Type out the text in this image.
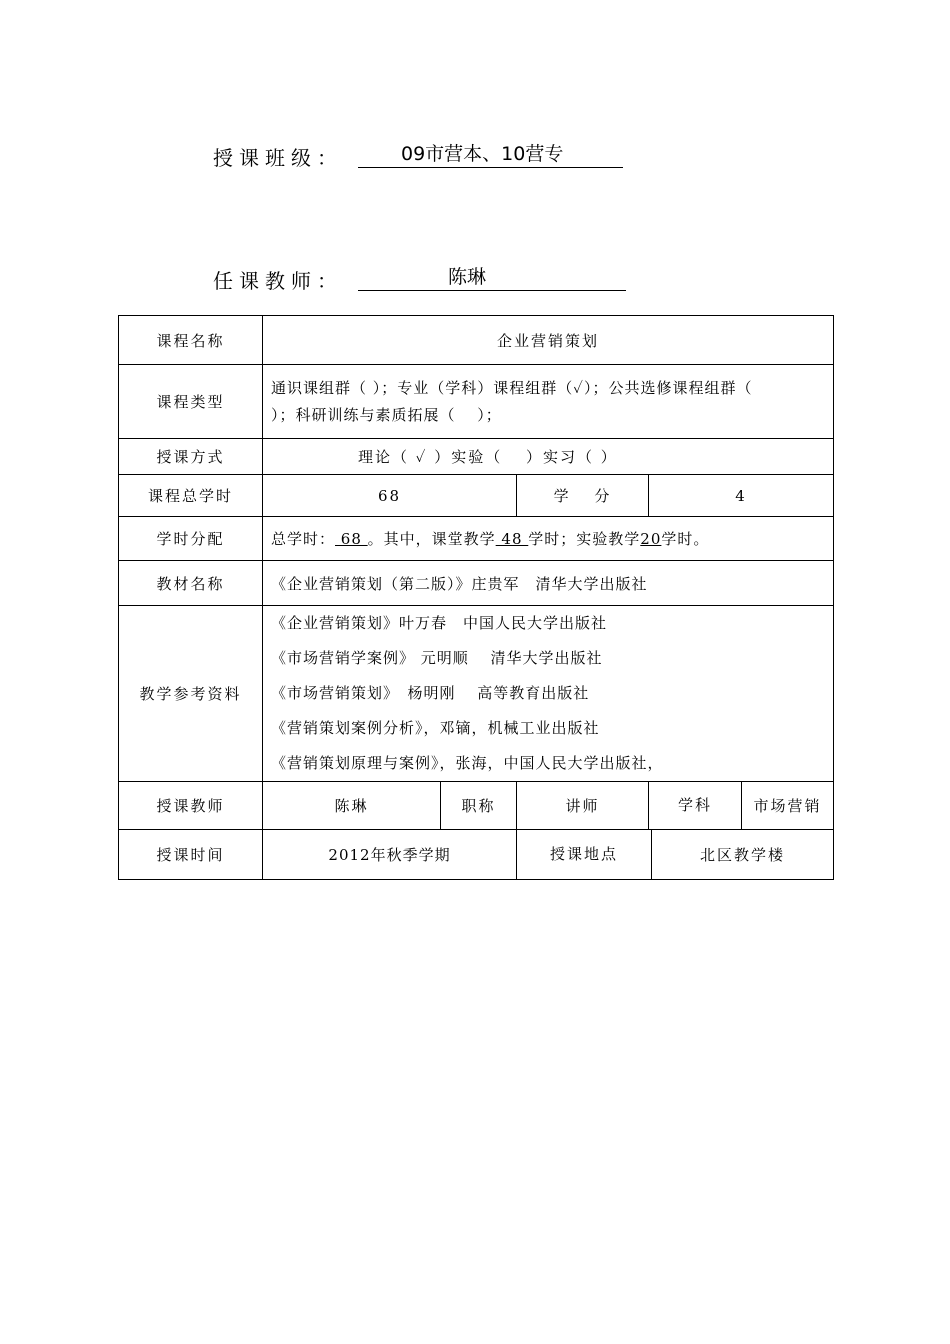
授课班级：	09市营本、10营专
任课教师：	陈琳
课程名称	企业营销策划			
课程类型	通识课组群（ ）；专业（学科）课程组群（✓）；公共选修课程组群（
）；科研训练与素质拓展（　 ）；			

授课方式	理论（ ✓ ）实验（　 ）实习（ ）			
课程总学时	68		学　 分	4
学时分配	总学时： 68 。其中，课堂教学 48 学时；实验教学20学时。			
教材名称	《企业营销策划（第二版）》庄贵军　清华大学出版社			
教学参考资料	《企业营销策划》叶万春　中国人民大学出版社
《市场营销学案例》 元明顺　 清华大学出版社
《市场营销策划》　杨明刚　 高等教育出版社
《营销策划案例分析》，邓镝，机械工业出版社
《营销策划原理与案例》，张海，中国人民大学出版社，			

授课教师	陈琳	职称	讲师	学科 市场营销

授课时间	2012年秋季学期		授课地点 北区教学楼	
